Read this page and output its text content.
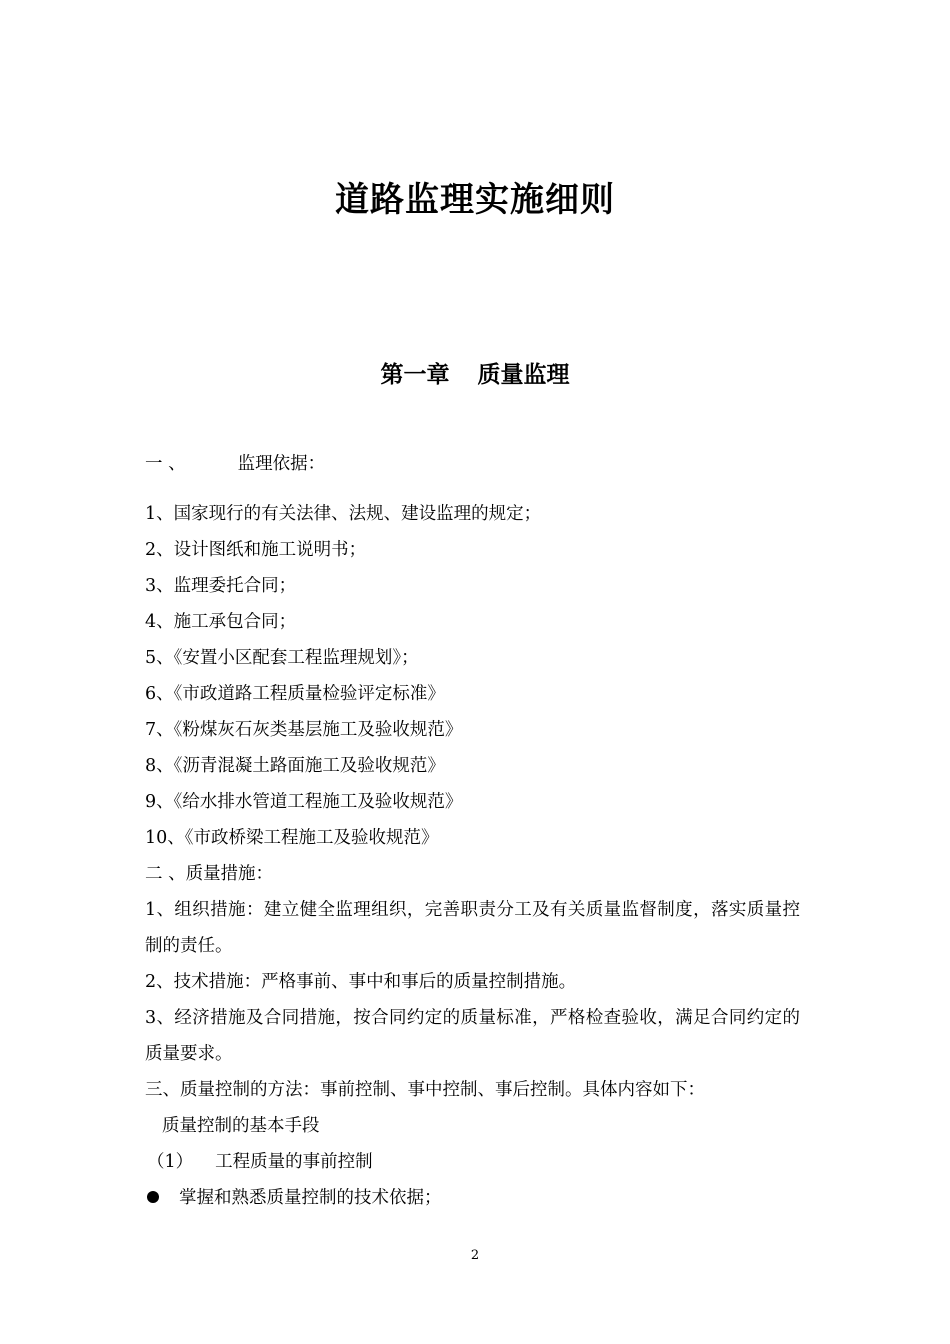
道路监理实施细则
第一章 质量监理
一 、	监理依据：
1、国家现行的有关法律、法规、建设监理的规定；
2、设计图纸和施工说明书；
3、监理委托合同；
4、施工承包合同；
5、《安置小区配套工程监理规划》；
6、《市政道路工程质量检验评定标准》
7、《粉煤灰石灰类基层施工及验收规范》
8、《沥青混凝土路面施工及验收规范》
9、《给水排水管道工程施工及验收规范》
10、《市政桥梁工程施工及验收规范》
二 、质量措施：
1、组织措施：建立健全监理组织，完善职责分工及有关质量监督制度，落实质量控制的责任。
2、技术措施：严格事前、事中和事后的质量控制措施。
3、经济措施及合同措施，按合同约定的质量标准，严格检查验收，满足合同约定的质量要求。
三、质量控制的方法：事前控制、事中控制、事后控制。具体内容如下：
质量控制的基本手段
（1） 工程质量的事前控制
掌握和熟悉质量控制的技术依据；
2
